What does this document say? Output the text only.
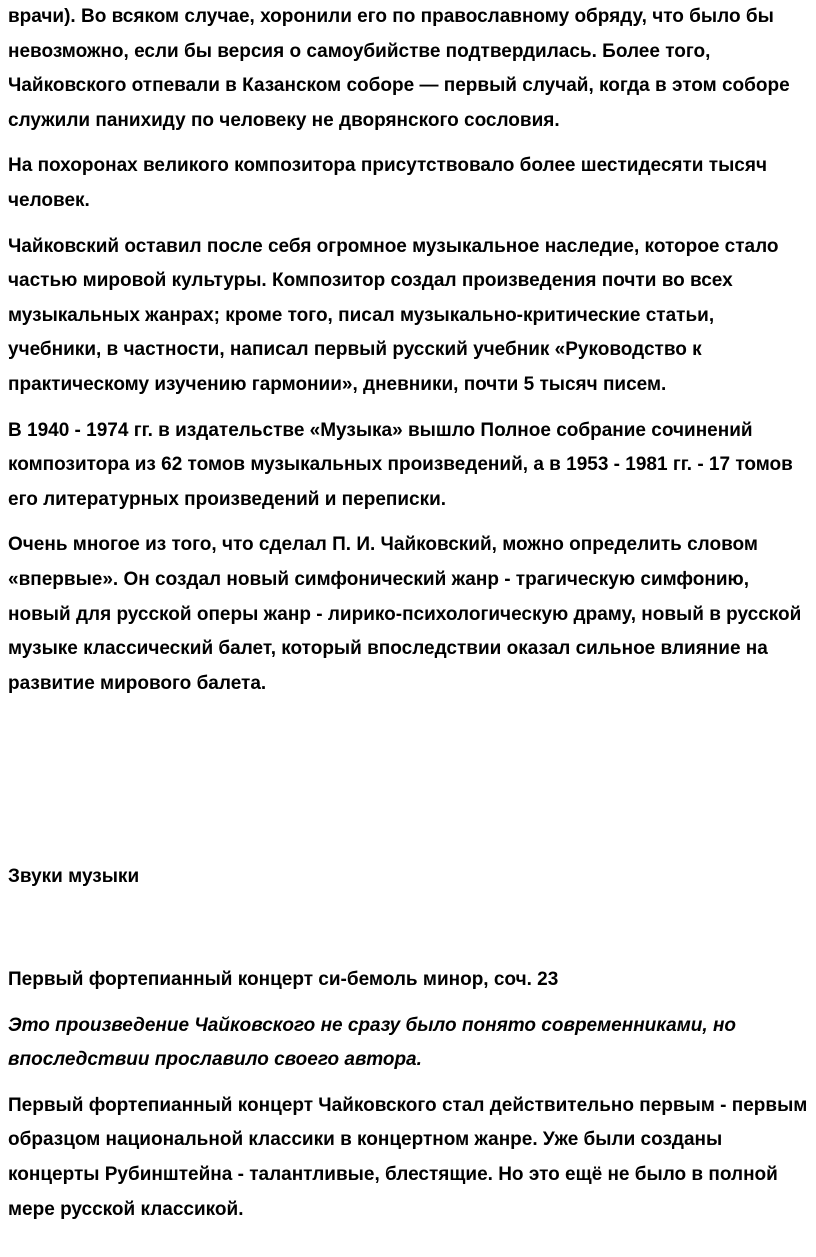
врачи). Во всяком случае, хоронили его по православному обряду, что было бы невозможно, если бы версия о самоубийстве подтвердилась. Более того, Чайковского отпевали в Казанском соборе — первый случай, когда в этом соборе служили панихиду по человеку не дворянского сословия.

На похоронах великого композитора присутствовало более шестидесяти тысяч человек.

Чайковский оставил после себя огромное музыкальное наследие, которое стало частью мировой культуры. Композитор создал произведения почти во всех музыкальных жанрах; кроме того, писал музыкально-критические статьи, учебники, в частности, написал первый русский учебник «Руководство к практическому изучению гармонии», дневники, почти 5 тысяч писем.

В 1940 - 1974 гг. в издательстве «Музыка» вышло Полное собрание сочинений композитора из 62 томов музыкальных произведений, а в 1953 - 1981 гг. - 17 томов его литературных произведений и переписки.

Очень многое из того, что сделал П. И. Чайковский, можно определить словом «впервые». Он создал новый симфонический жанр - трагическую симфонию, новый для русской оперы жанр - лирико-психологическую драму, новый в русской музыке классический балет, который впоследствии оказал сильное влияние на развитие мирового балета.

Звуки музыки

Первый фортепианный концерт си-бемоль минор, соч. 23

Это произведение Чайковского не сразу было понято современниками, но впоследствии прославило своего автора.

Первый фортепианный концерт Чайковского стал действительно первым - первым образцом национальной классики в концертном жанре. Уже были созданы концерты Рубинштейна - талантливые, блестящие. Но это ещё не было в полной мере русской классикой.
